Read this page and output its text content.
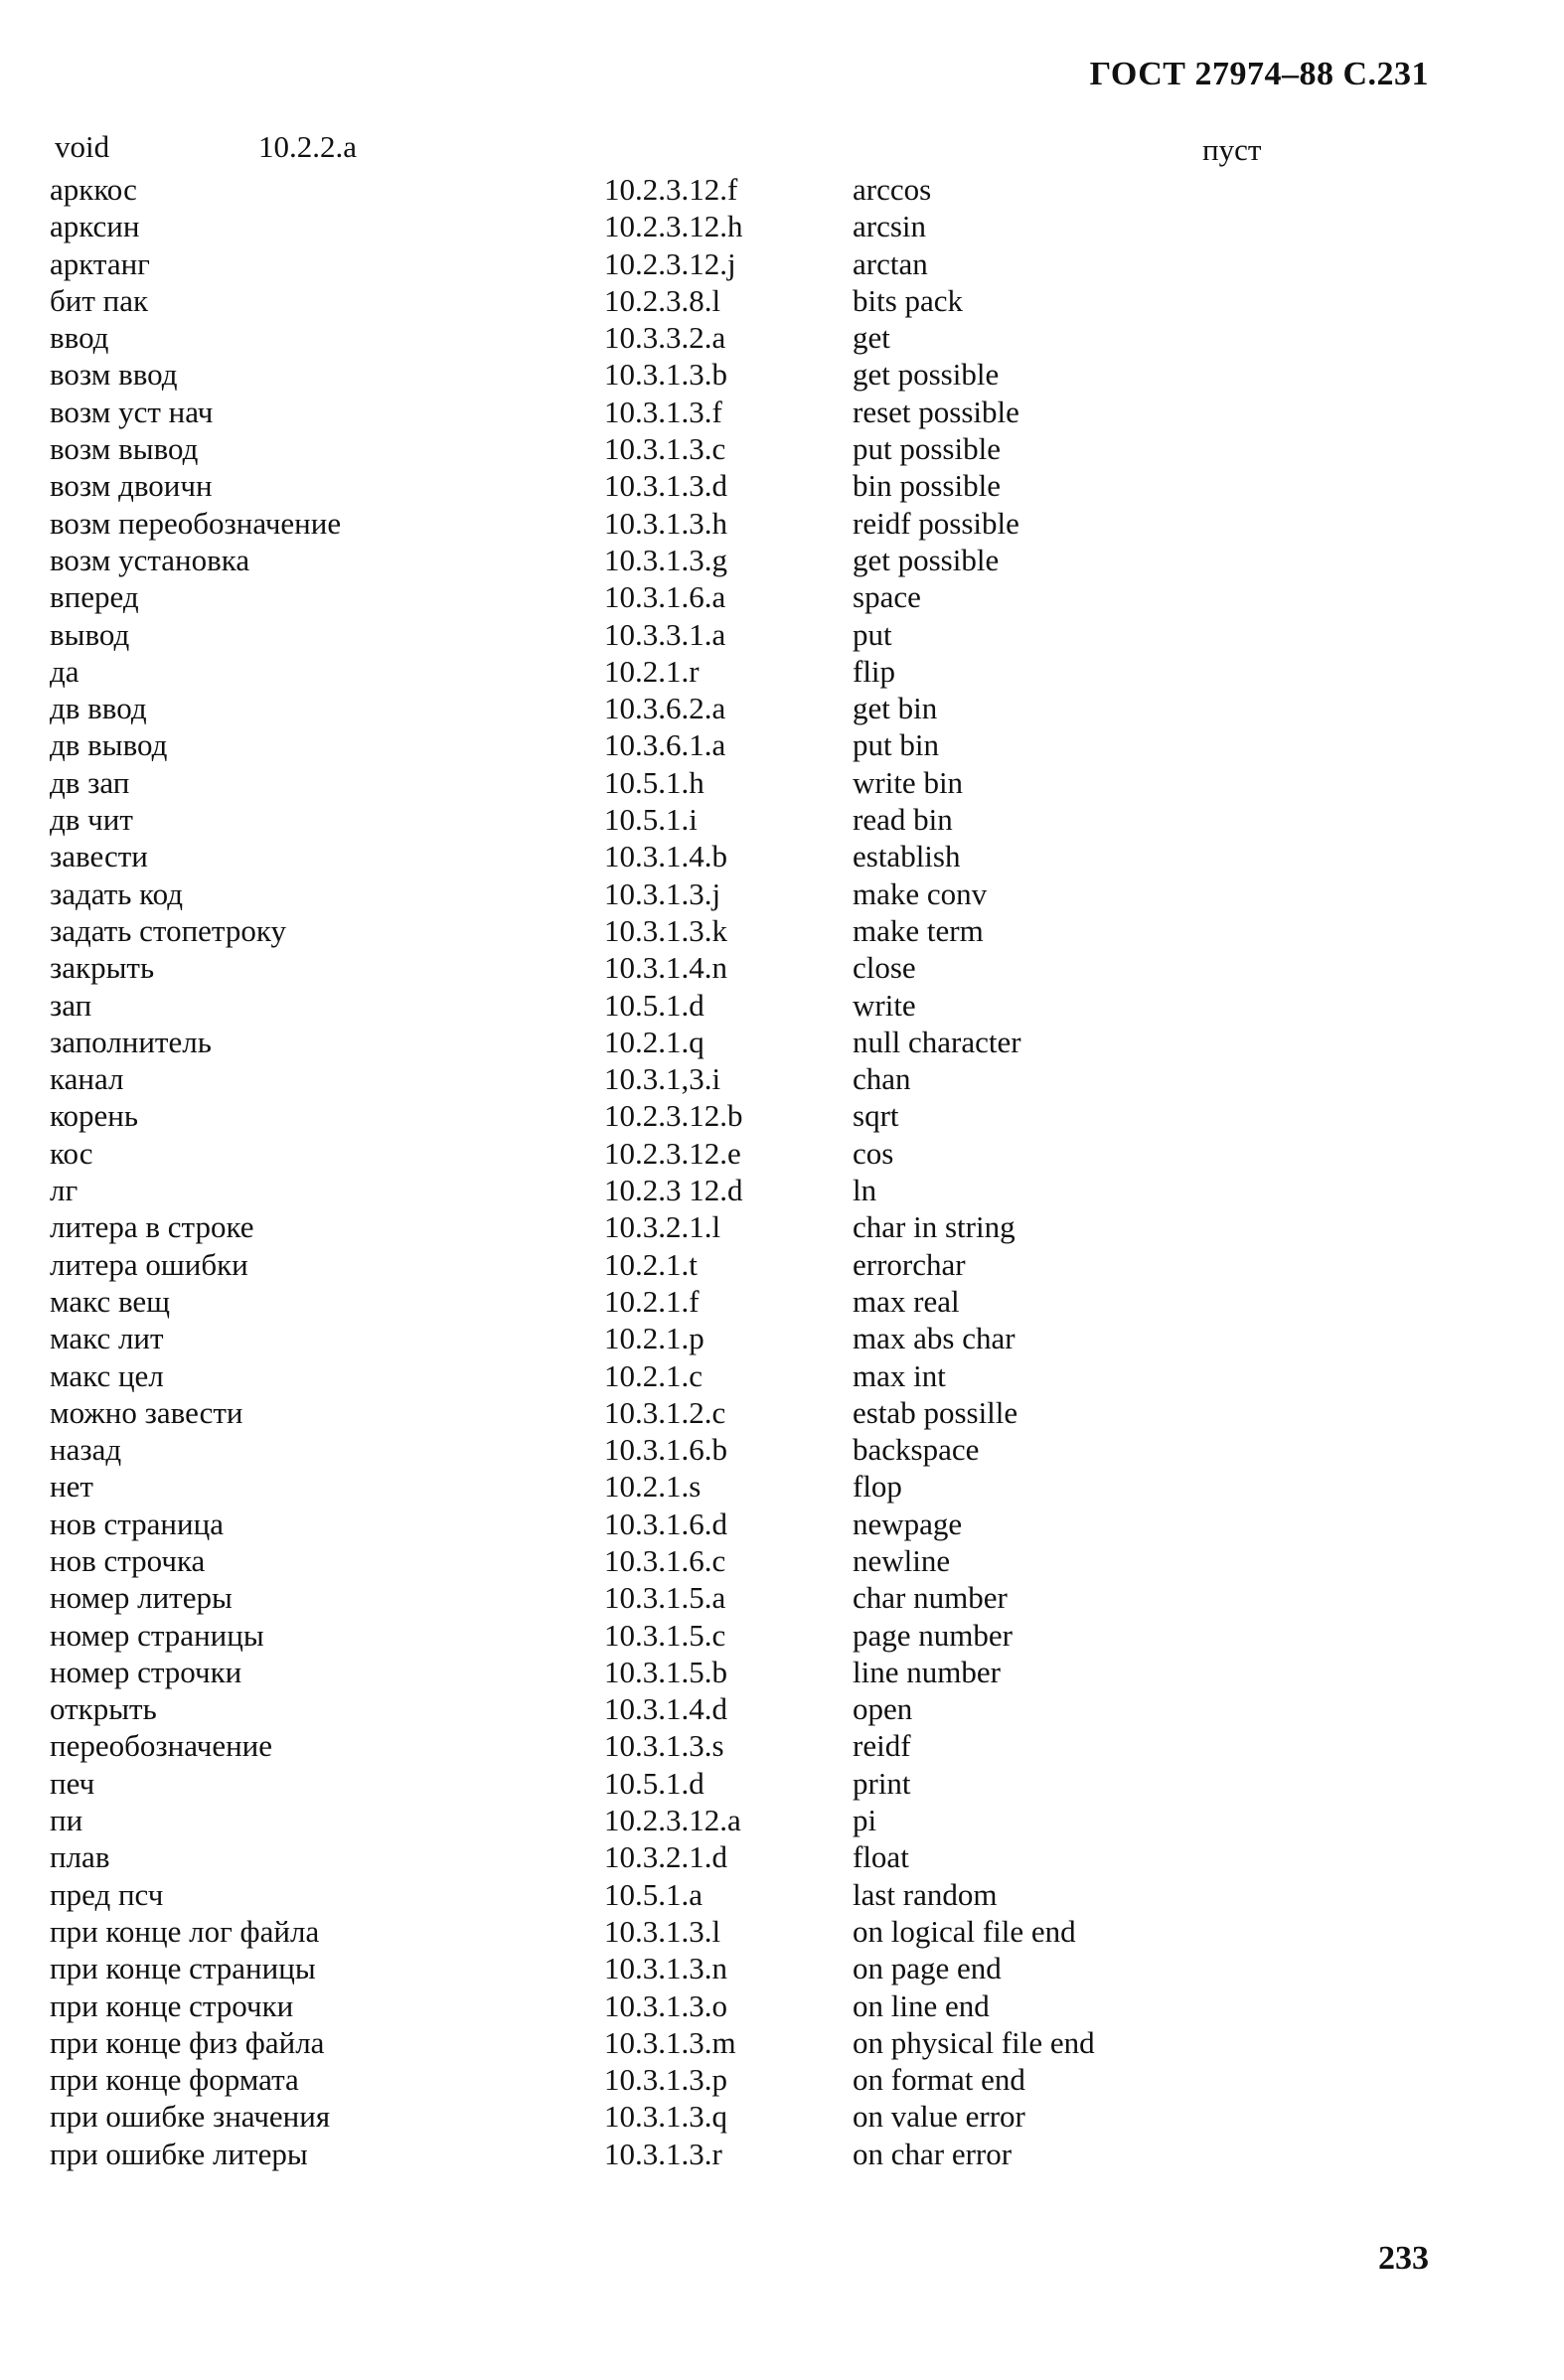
ГОСТ 27974–88 С.231
void	10.2.2.a	пуст
арккос	10.2.3.12.f	arccos
арксин	10.2.3.12.h	arcsin
арктанг	10.2.3.12.j	arctan
бит пак	10.2.3.8.l	bits pack
ввод	10.3.3.2.a	get
возм ввод	10.3.1.3.b	get possible
возм уст нач	10.3.1.3.f	reset possible
возм вывод	10.3.1.3.c	put possible
возм двоичн	10.3.1.3.d	bin possible
возм переобозначение	10.3.1.3.h	reidf possible
возм установка	10.3.1.3.g	get possible
вперед	10.3.1.6.a	space
вывод	10.3.3.1.a	put
да	10.2.1.r	flip
дв ввод	10.3.6.2.a	get bin
дв вывод	10.3.6.1.a	put bin
дв зап	10.5.1.h	write bin
дв чит	10.5.1.i	read bin
завести	10.3.1.4.b	establish
задать код	10.3.1.3.j	make conv
задать стопетроку	10.3.1.3.k	make term
закрыть	10.3.1.4.n	close
зап	10.5.1.d	write
заполнитель	10.2.1.q	null character
канал	10.3.1,3.i	chan
корень	10.2.3.12.b	sqrt
кос	10.2.3.12.e	cos
лг	10.2.3 12.d	ln
литера в строке	10.3.2.1.l	char in string
литера ошибки	10.2.1.t	errorchar
макс вещ	10.2.1.f	max real
макс лит	10.2.1.p	max abs char
макс цел	10.2.1.c	max int
можно завести	10.3.1.2.c	estab possille
назад	10.3.1.6.b	backspace
нет	10.2.1.s	flop
нов страница	10.3.1.6.d	newpage
нов строчка	10.3.1.6.c	newline
номер литеры	10.3.1.5.a	char number
номер страницы	10.3.1.5.c	page number
номер строчки	10.3.1.5.b	line number
открыть	10.3.1.4.d	open
переобозначение	10.3.1.3.s	reidf
печ	10.5.1.d	print
пи	10.2.3.12.a	pi
плав	10.3.2.1.d	float
пред псч	10.5.1.a	last random
при конце лог файла	10.3.1.3.l	on logical file end
при конце страницы	10.3.1.3.n	on page end
при конце строчки	10.3.1.3.o	on line end
при конце физ файла	10.3.1.3.m	on physical file end
при конце формата	10.3.1.3.p	on format end
при ошибке значения	10.3.1.3.q	on value error
при ошибке литеры	10.3.1.3.r	on char error
233
